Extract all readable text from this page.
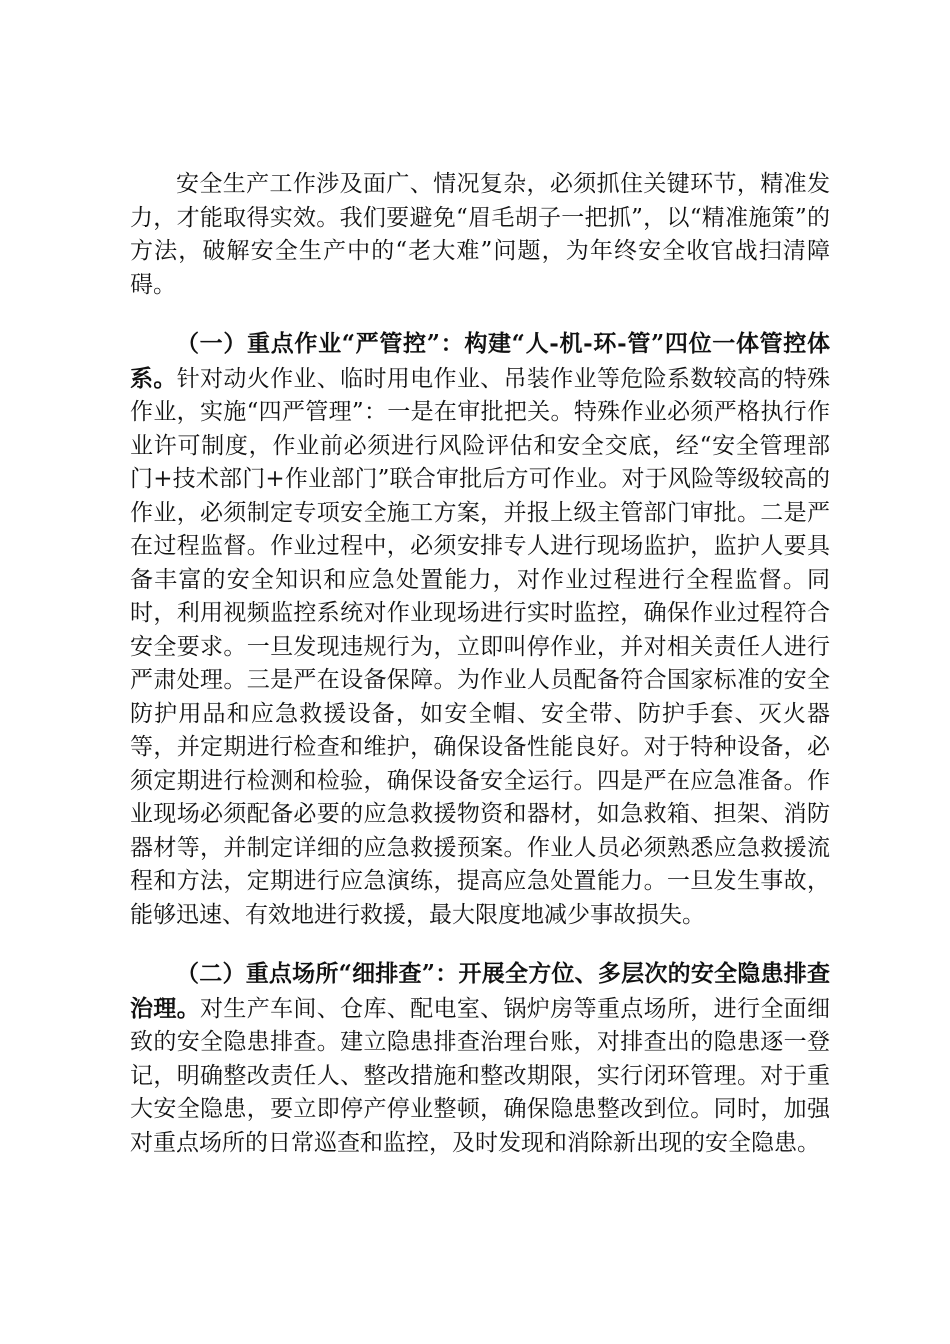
安全生产工作涉及面广、情况复杂，必须抓住关键环节，精准发力，才能取得实效。我们要避免“眉毛胡子一把抓”，以“精准施策”的方法，破解安全生产中的“老大难”问题，为年终安全收官战扫清障碍。

（一）重点作业“严管控”：构建“人-机-环-管”四位一体管控体系。针对动火作业、临时用电作业、吊装作业等危险系数较高的特殊作业，实施“四严管理”：一是在审批把关。特殊作业必须严格执行作业许可制度，作业前必须进行风险评估和安全交底，经“安全管理部门+技术部门+作业部门”联合审批后方可作业。对于风险等级较高的作业，必须制定专项安全施工方案，并报上级主管部门审批。二是严在过程监督。作业过程中，必须安排专人进行现场监护，监护人要具备丰富的安全知识和应急处置能力，对作业过程进行全程监督。同时，利用视频监控系统对作业现场进行实时监控，确保作业过程符合安全要求。一旦发现违规行为，立即叫停作业，并对相关责任人进行严肃处理。三是严在设备保障。为作业人员配备符合国家标准的安全防护用品和应急救援设备，如安全帽、安全带、防护手套、灭火器等，并定期进行检查和维护，确保设备性能良好。对于特种设备，必须定期进行检测和检验，确保设备安全运行。四是严在应急准备。作业现场必须配备必要的应急救援物资和器材，如急救箱、担架、消防器材等，并制定详细的应急救援预案。作业人员必须熟悉应急救援流程和方法，定期进行应急演练，提高应急处置能力。一旦发生事故，能够迅速、有效地进行救援，最大限度地减少事故损失。

（二）重点场所“细排查”：开展全方位、多层次的安全隐患排查治理。对生产车间、仓库、配电室、锅炉房等重点场所，进行全面细致的安全隐患排查。建立隐患排查治理台账，对排查出的隐患逐一登记，明确整改责任人、整改措施和整改期限，实行闭环管理。对于重大安全隐患，要立即停产停业整顿，确保隐患整改到位。同时，加强对重点场所的日常巡查和监控，及时发现和消除新出现的安全隐患。
